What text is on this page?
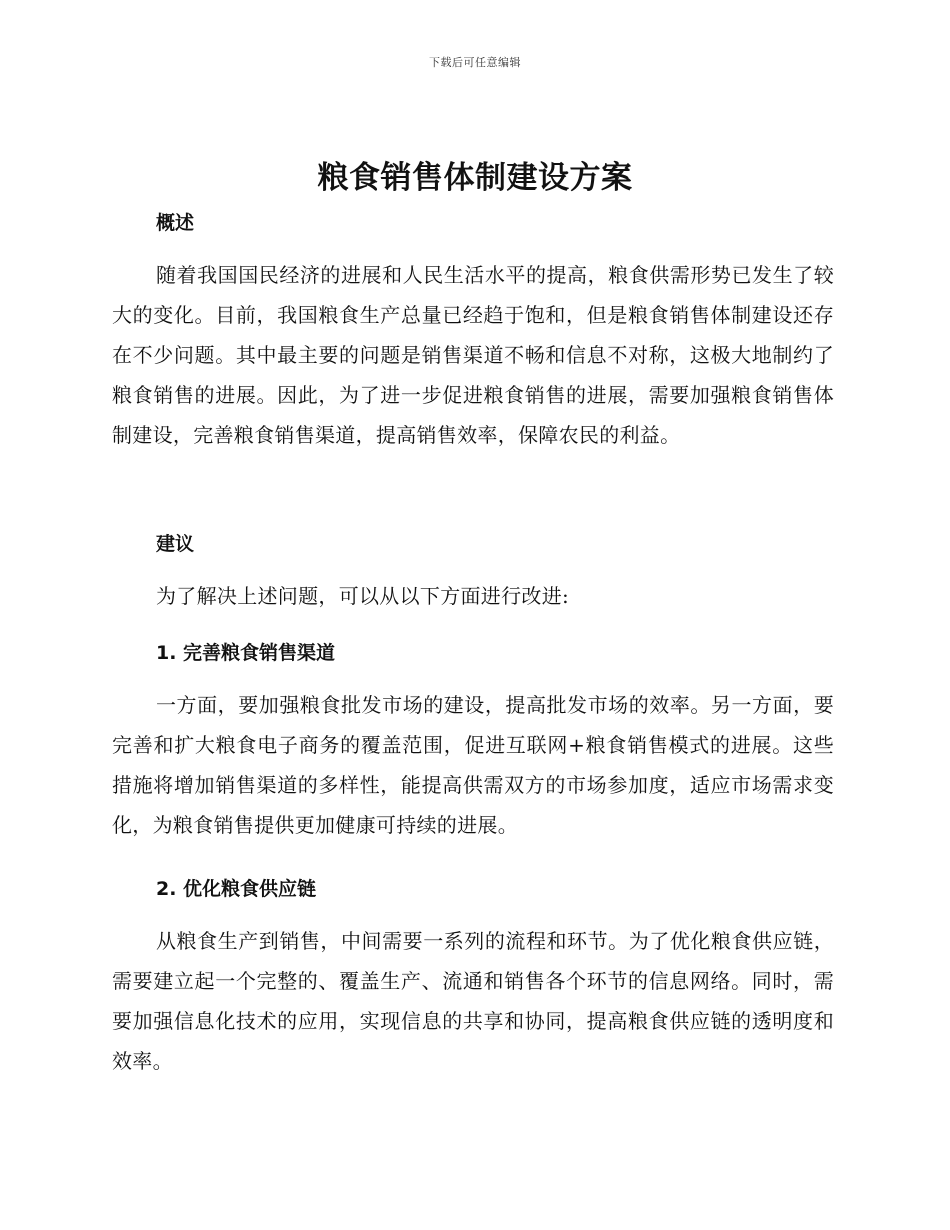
下载后可任意编辑
粮食销售体制建设方案
概述

随着我国国民经济的进展和人民生活水平的提高，粮食供需形势已发生了较大的变化。目前，我国粮食生产总量已经趋于饱和，但是粮食销售体制建设还存在不少问题。其中最主要的问题是销售渠道不畅和信息不对称，这极大地制约了粮食销售的进展。因此，为了进一步促进粮食销售的进展，需要加强粮食销售体制建设，完善粮食销售渠道，提高销售效率，保障农民的利益。

建议

为了解决上述问题，可以从以下方面进行改进:

1. 完善粮食销售渠道

一方面，要加强粮食批发市场的建设，提高批发市场的效率。另一方面，要完善和扩大粮食电子商务的覆盖范围，促进互联网+粮食销售模式的进展。这些措施将增加销售渠道的多样性，能提高供需双方的市场参加度，适应市场需求变化，为粮食销售提供更加健康可持续的进展。

2. 优化粮食供应链

从粮食生产到销售，中间需要一系列的流程和环节。为了优化粮食供应链，需要建立起一个完整的、覆盖生产、流通和销售各个环节的信息网络。同时，需要加强信息化技术的应用，实现信息的共享和协同，提高粮食供应链的透明度和效率。
